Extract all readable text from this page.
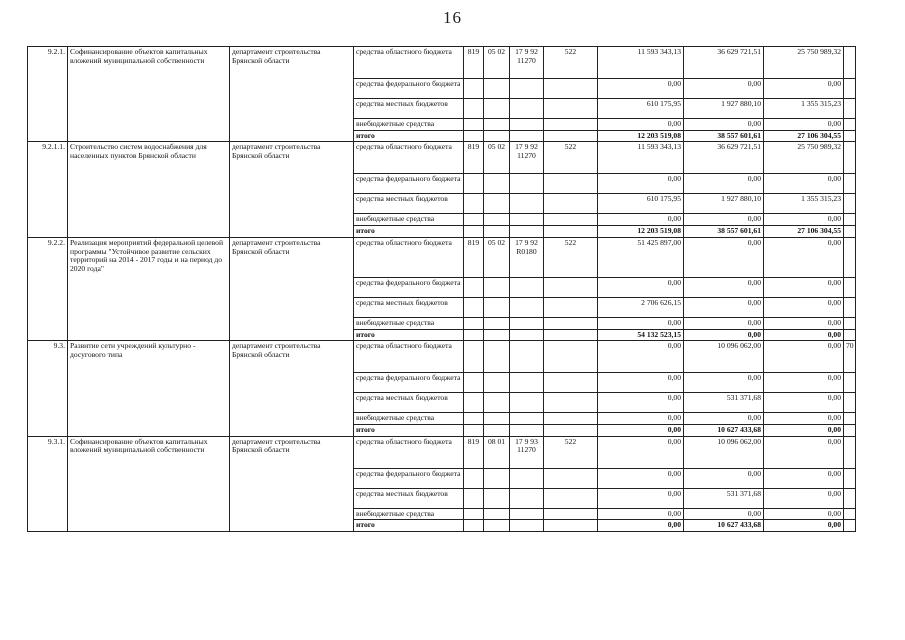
16
9.2.1.	Софинансирование объектов капитальных вложений муниципальной собственности	департамент строительства Брянской области	средства областного бюджета	819	05 02	17 9 92 11270	522	11 593 343,13	36 629 721,51	25 750 989,32	
			средства федерального бюджета					0,00	0,00	0,00	
			средства местных бюджетов					610 175,95	1 927 880,10	1 355 315,23	
			внебюджетные средства					0,00	0,00	0,00	
			итого					12 203 519,08	38 557 601,61	27 106 304,55	
9.2.1.1.	Строительство систем водоснабжения для населенных пунктов Брянской области	департамент строительства Брянской области	средства областного бюджета	819	05 02	17 9 92 11270	522	11 593 343,13	36 629 721,51	25 750 989,32	
			средства федерального бюджета					0,00	0,00	0,00	
			средства местных бюджетов					610 175,95	1 927 880,10	1 355 315,23	
			внебюджетные средства					0,00	0,00	0,00	
			итого					12 203 519,08	38 557 601,61	27 106 304,55	
9.2.2.	Реализация мероприятий федеральной целевой программы "Устойчивое развитие сельских территорий на 2014 - 2017 годы и на период до 2020 года"	департамент строительства Брянской области	средства областного бюджета	819	05 02	17 9 92 R0180	522	51 425 897,00	0,00	0,00	
			средства федерального бюджета					0,00	0,00	0,00	
			средства местных бюджетов					2 706 626,15	0,00	0,00	
			внебюджетные средства					0,00	0,00	0,00	
			итого					54 132 523,15	0,00	0,00	
9.3.	Развитие сети учреждений культурно - досугового типа	департамент строительства Брянской области	средства областного бюджета					0,00	10 096 062,00	0,00	70
			средства федерального бюджета					0,00	0,00	0,00	
			средства местных бюджетов					0,00	531 371,68	0,00	
			внебюджетные средства					0,00	0,00	0,00	
			итого					0,00	10 627 433,68	0,00	
9.3.1.	Софинансирование объектов капитальных вложений муниципальной собственности	департамент строительства Брянской области	средства областного бюджета	819	08 01	17 9 93 11270	522	0,00	10 096 062,00	0,00	
			средства федерального бюджета					0,00	0,00	0,00	
			средства местных бюджетов					0,00	531 371,68	0,00	
			внебюджетные средства					0,00	0,00	0,00	
			итого					0,00	10 627 433,68	0,00	
